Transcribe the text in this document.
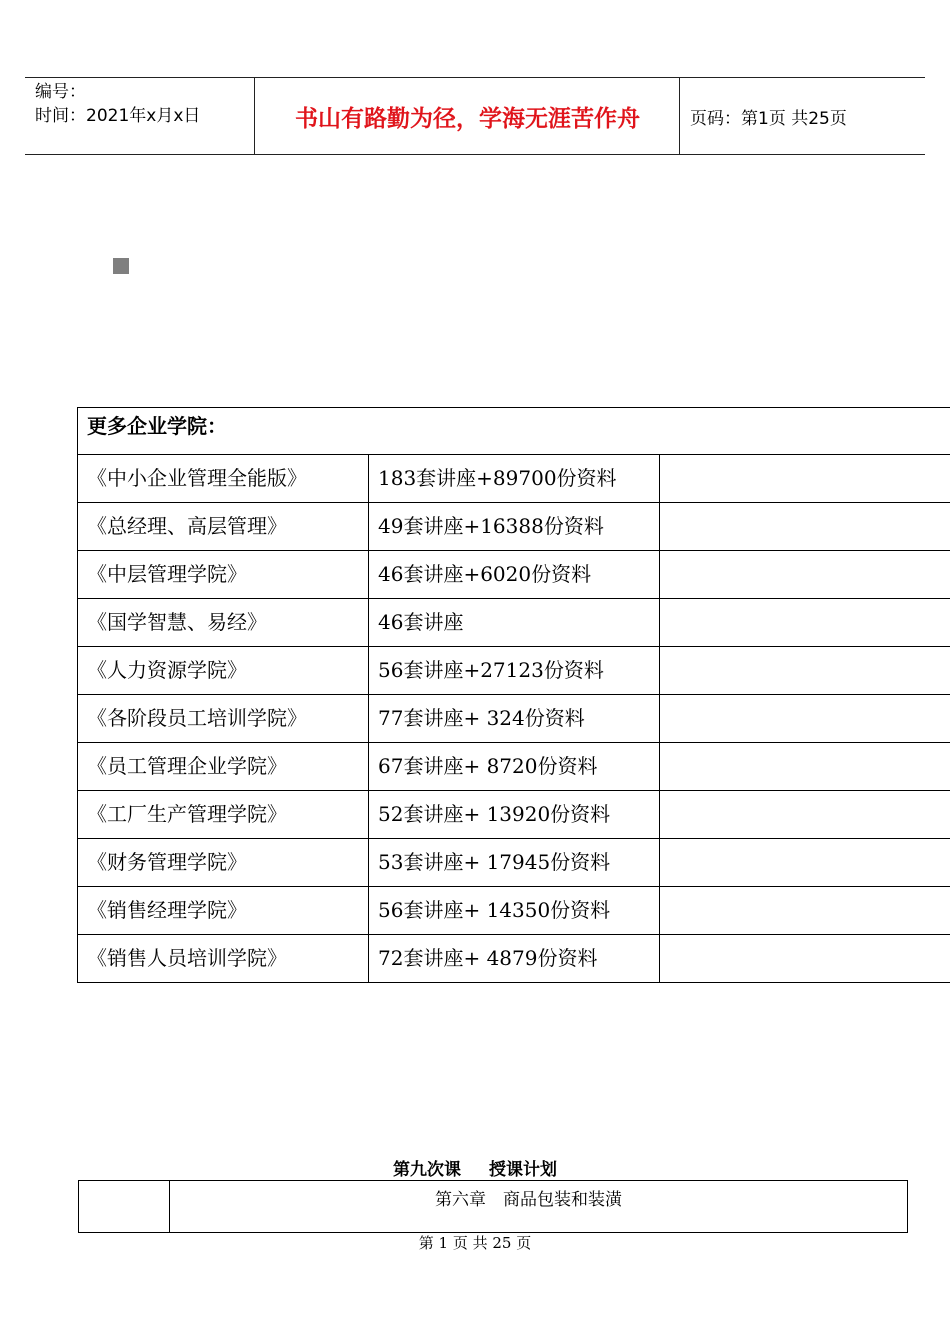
编号：
时间：2021年x月x日	书山有路勤为径，学海无涯苦作舟	页码：第1页 共25页
更多企业学院：		
《中小企业管理全能版》	183套讲座+89700份资料	
《总经理、高层管理》	49套讲座+16388份资料	
《中层管理学院》	46套讲座+6020份资料	
《国学智慧、易经》	46套讲座	
《人力资源学院》	56套讲座+27123份资料	
《各阶段员工培训学院》	77套讲座+ 324份资料	
《员工管理企业学院》	67套讲座+ 8720份资料	
《工厂生产管理学院》	52套讲座+ 13920份资料	
《财务管理学院》	53套讲座+ 17945份资料	
《销售经理学院》	56套讲座+ 14350份资料	
《销售人员培训学院》	72套讲座+ 4879份资料	
第九次课 授课计划
	第六章　商品包装和装潢
第 1 页 共 25 页
